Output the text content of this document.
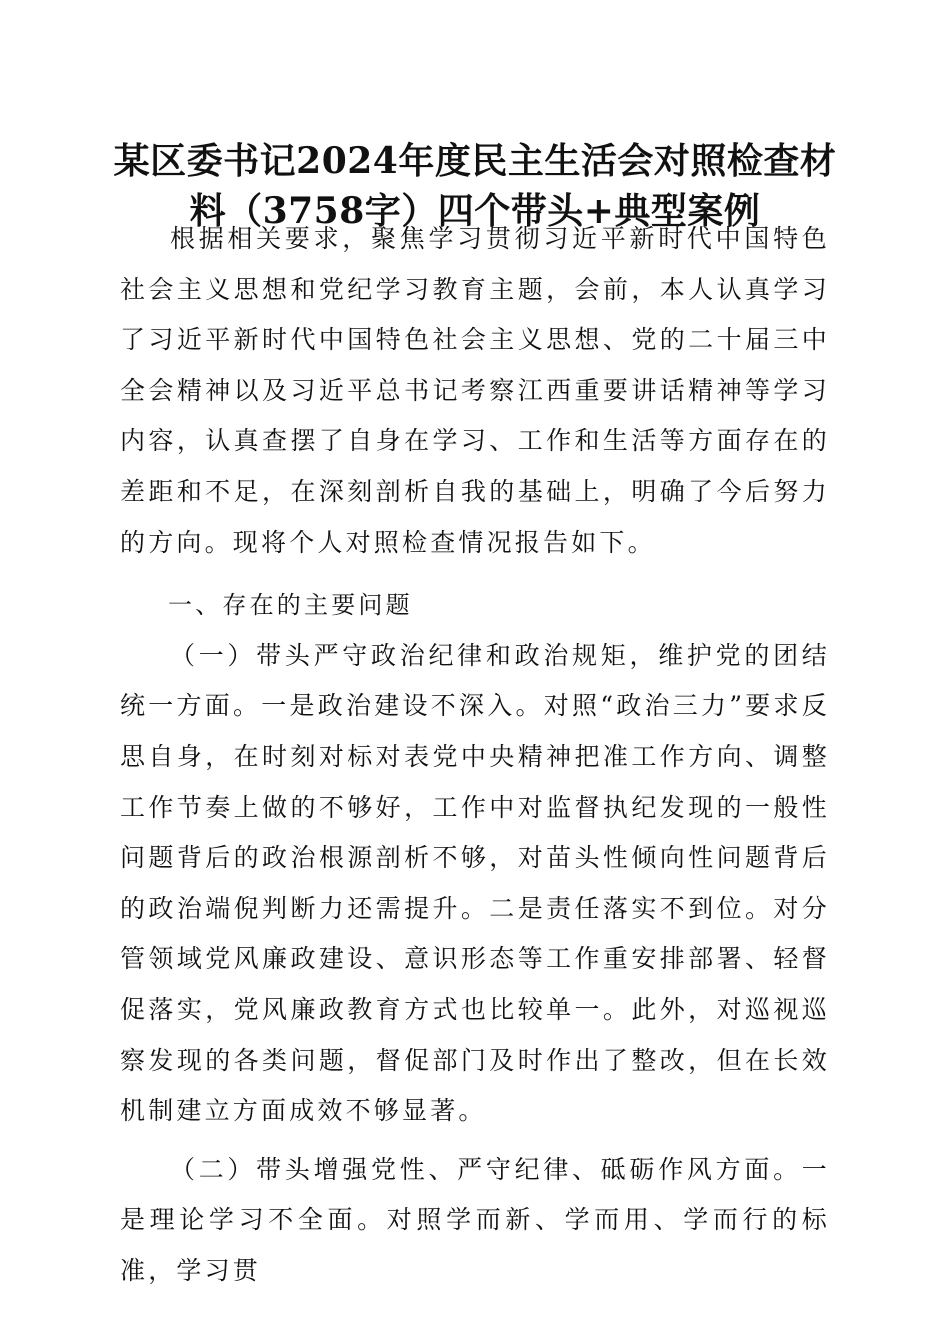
某区委书记2024年度民主生活会对照检查材料（3758字）四个带头+典型案例

根据相关要求，聚焦学习贯彻习近平新时代中国特色社会主义思想和党纪学习教育主题，会前，本人认真学习了习近平新时代中国特色社会主义思想、党的二十届三中全会精神以及习近平总书记考察江西重要讲话精神等学习内容，认真查摆了自身在学习、工作和生活等方面存在的差距和不足，在深刻剖析自我的基础上，明确了今后努力的方向。现将个人对照检查情况报告如下。

一、存在的主要问题

（一）带头严守政治纪律和政治规矩，维护党的团结统一方面。一是政治建设不深入。对照“政治三力”要求反思自身，在时刻对标对表党中央精神把准工作方向、调整工作节奏上做的不够好，工作中对监督执纪发现的一般性问题背后的政治根源剖析不够，对苗头性倾向性问题背后的政治端倪判断力还需提升。二是责任落实不到位。对分管领域党风廉政建设、意识形态等工作重安排部署、轻督促落实，党风廉政教育方式也比较单一。此外，对巡视巡察发现的各类问题，督促部门及时作出了整改，但在长效机制建立方面成效不够显著。

（二）带头增强党性、严守纪律、砥砺作风方面。一是理论学习不全面。对照学而新、学而用、学而行的标准，学习贯
